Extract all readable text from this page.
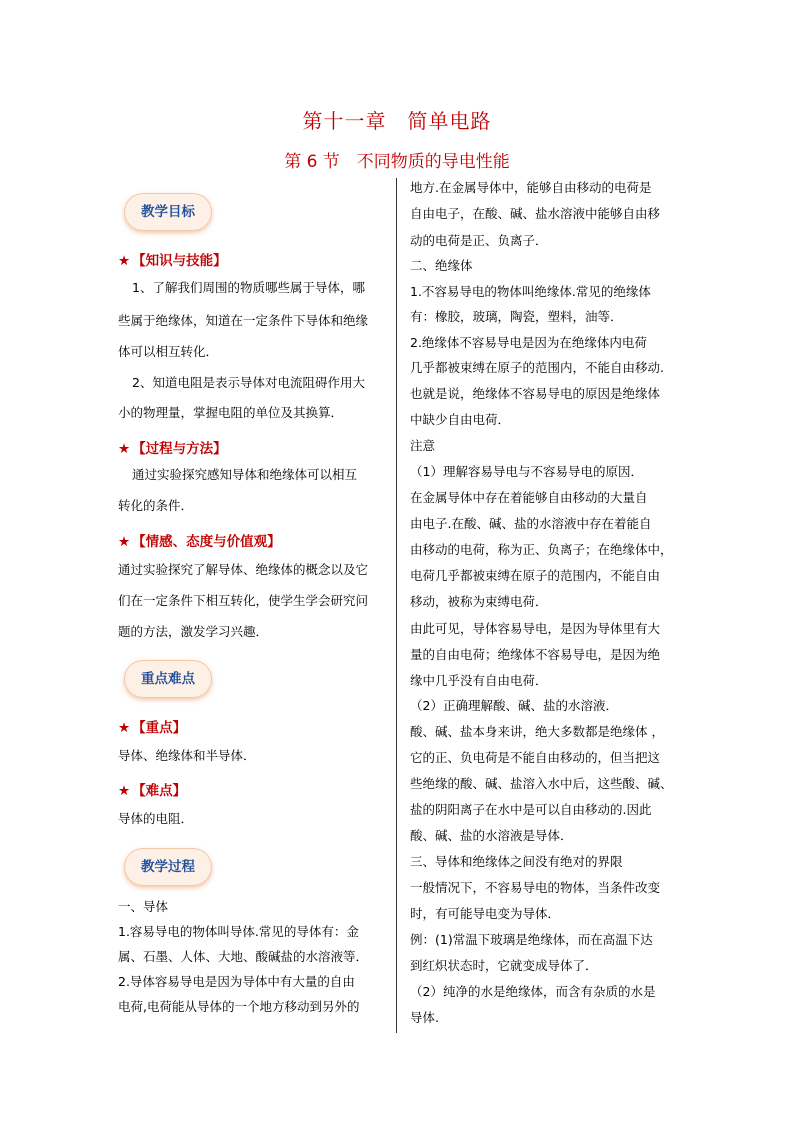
第十一章　简单电路
第 6 节　不同物质的导电性能
教学目标
★ 【知识与技能】
1、了解我们周围的物质哪些属于导体，哪
些属于绝缘体，知道在一定条件下导体和绝缘
体可以相互转化．
2、知道电阻是表示导体对电流阻碍作用大
小的物理量，掌握电阻的单位及其换算．
★ 【过程与方法】
通过实验探究感知导体和绝缘体可以相互
转化的条件．
★ 【情感、态度与价值观】
通过实验探究了解导体、绝缘体的概念以及它
们在一定条件下相互转化，使学生学会研究问
题的方法，激发学习兴趣．
重点难点
★ 【重点】
导体、绝缘体和半导体．
★ 【难点】
导体的电阻．
教学过程
一、导体
1.容易导电的物体叫导体.常见的导体有：金
属、石墨、人体、大地、酸碱盐的水溶液等．
2.导体容易导电是因为导体中有大量的自由
电荷,电荷能从导体的一个地方移动到另外的
地方.在金属导体中，能够自由移动的电荷是
自由电子，在酸、碱、盐水溶液中能够自由移
动的电荷是正、负离子．
二、绝缘体
1.不容易导电的物体叫绝缘体.常见的绝缘体
有：橡胶，玻璃，陶瓷，塑料，油等．
2.绝缘体不容易导电是因为在绝缘体内电荷
几乎都被束缚在原子的范围内，不能自由移动.
也就是说，绝缘体不容易导电的原因是绝缘体
中缺少自由电荷．
注意
（1）理解容易导电与不容易导电的原因．
在金属导体中存在着能够自由移动的大量自
由电子.在酸、碱、盐的水溶液中存在着能自
由移动的电荷，称为正、负离子；在绝缘体中，
电荷几乎都被束缚在原子的范围内，不能自由
移动，被称为束缚电荷．
由此可见，导体容易导电，是因为导体里有大
量的自由电荷；绝缘体不容易导电，是因为绝
缘中几乎没有自由电荷．
（2）正确理解酸、碱、盐的水溶液．
酸、碱、盐本身来讲，绝大多数都是绝缘体 ，
它的正、负电荷是不能自由移动的，但当把这
些绝缘的酸、碱、盐溶入水中后，这些酸、碱、
盐的阴阳离子在水中是可以自由移动的.因此
酸、碱、盐的水溶液是导体．
三、导体和绝缘体之间没有绝对的界限
一般情况下，不容易导电的物体，当条件改变
时，有可能导电变为导体．
例：(1)常温下玻璃是绝缘体，而在高温下达
到红炽状态时，它就变成导体了．
（2）纯净的水是绝缘体，而含有杂质的水是
导体.
